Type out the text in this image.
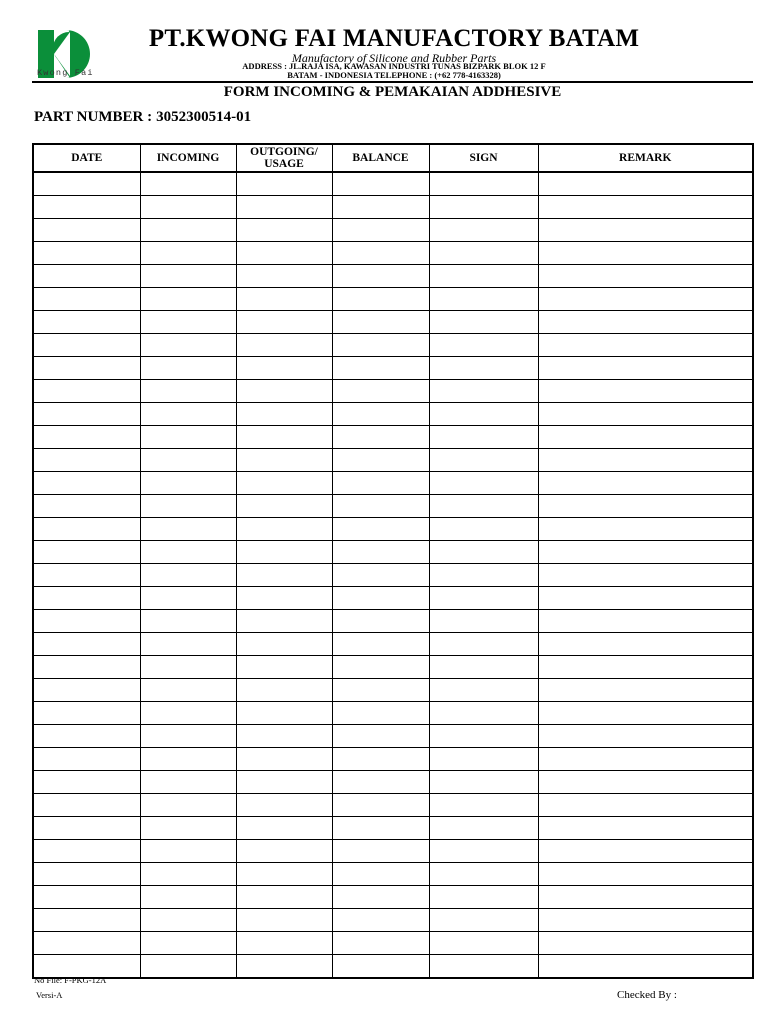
Kwong Fai
PT.KWONG FAI MANUFACTORY BATAM
Manufactory of Silicone and Rubber Parts
ADDRESS : JL.RAJA ISA, KAWASAN INDUSTRI TUNAS BIZPARK BLOK 12 F
BATAM - INDONESIA TELEPHONE : (+62 778-4163328)
FORM INCOMING & PEMAKAIAN ADDHESIVE
PART NUMBER : 3052300514-01
DATE	INCOMING	OUTGOING/ USAGE	BALANCE	SIGN	REMARK

No File: F-PKG-12A
Versi-A	Checked By :
